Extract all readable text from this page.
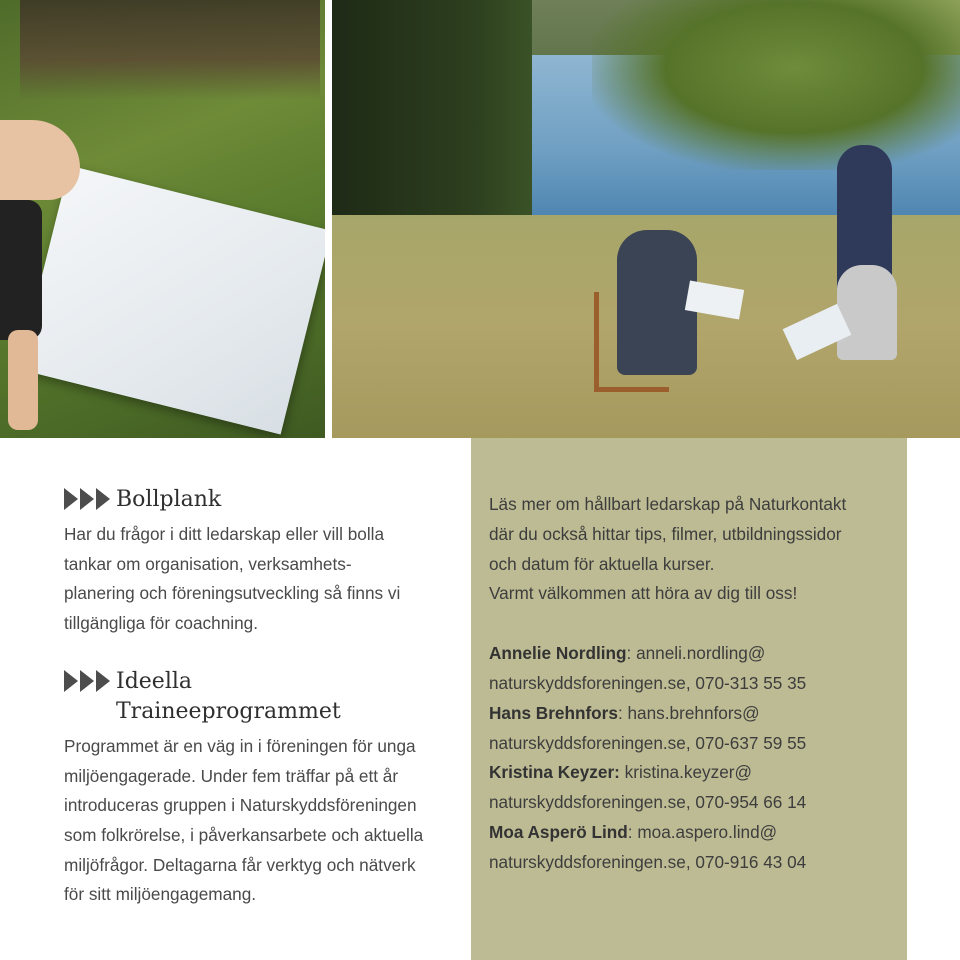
Bollplank

Har du frågor i ditt ledarskap eller vill bolla
tankar om organisation, verksamhets-
planering och föreningsutveckling så finns vi
tillgängliga för coachning.

Ideella
Traineeprogrammet

Programmet är en väg in i föreningen för unga
miljöengagerade. Under fem träffar på ett år
introduceras gruppen i Naturskyddsföreningen
som folkrörelse, i påverkansarbete och aktuella
miljöfrågor. Deltagarna får verktyg och nätverk
för sitt miljöengagemang.

Läs mer om hållbart ledarskap på Naturkontakt
där du också hittar tips, filmer, utbildningssidor
och datum för aktuella kurser.
Varmt välkommen att höra av dig till oss!

Annelie Nordling: anneli.nordling@
naturskyddsforeningen.se, 070-313 55 35

Hans Brehnfors: hans.brehnfors@
naturskyddsforeningen.se, 070-637 59 55

Kristina Keyzer: kristina.keyzer@
naturskyddsforeningen.se, 070-954 66 14

Moa Asperö Lind: moa.aspero.lind@
naturskyddsforeningen.se, 070-916 43 04
